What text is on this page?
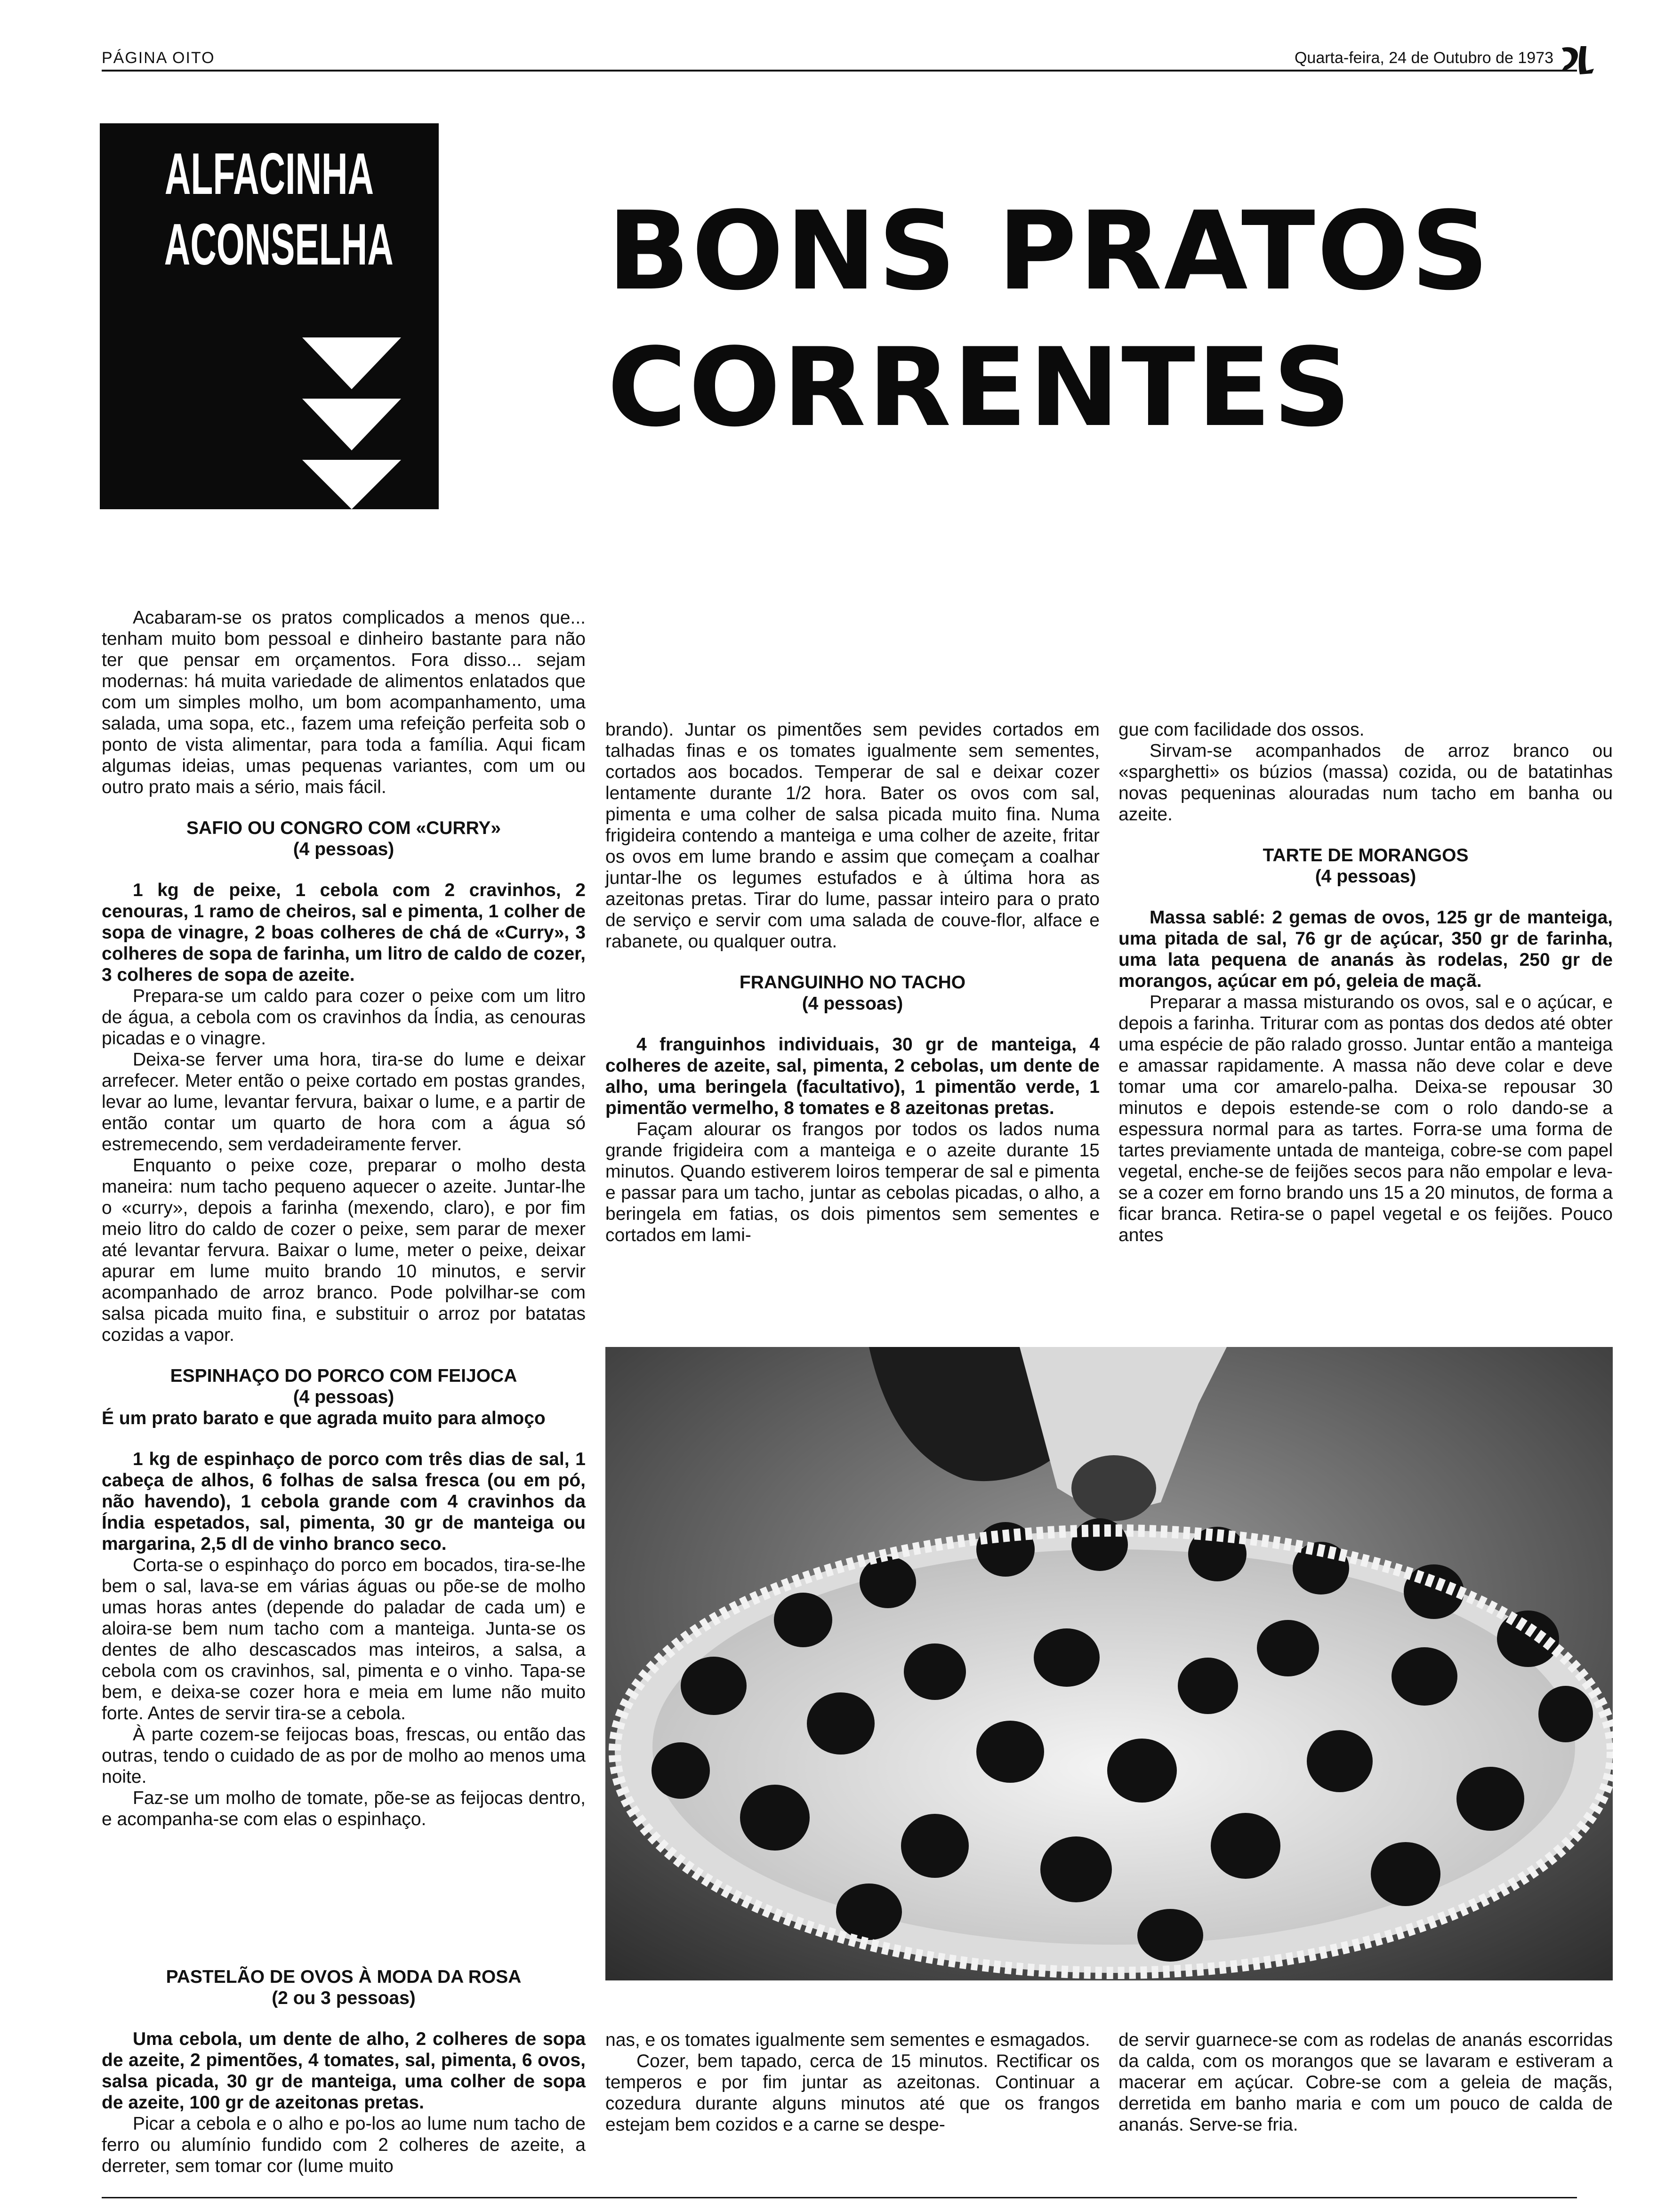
PÁGINA OITO	Quarta-feira, 24 de Outubro de 1973
ALFACINHA
ACONSELHA BONS PRATOS
CORRENTES

Acabaram-se os pratos complicados a menos que... tenham muito bom pessoal e dinheiro bastante para não ter que pensar em orçamentos. Fora disso... sejam modernas: há muita variedade de alimentos enlatados que com um simples molho, um bom acompanhamento, uma salada, uma sopa, etc., fazem uma refeição perfeita sob o ponto de vista alimentar, para toda a família. Aqui ficam algumas ideias, umas pequenas variantes, com um ou outro prato mais a sério, mais fácil.

SAFIO OU CONGRO COM «CURRY»

(4 pessoas)

1 kg de peixe, 1 cebola com 2 cravinhos, 2 cenouras, 1 ramo de cheiros, sal e pimenta, 1 colher de sopa de vinagre, 2 boas colheres de chá de «Curry», 3 colheres de sopa de farinha, um litro de caldo de cozer, 3 colheres de sopa de azeite.

Prepara-se um caldo para cozer o peixe com um litro de água, a cebola com os cravinhos da Índia, as cenouras picadas e o vinagre.

Deixa-se ferver uma hora, tira-se do lume e deixar arrefecer. Meter então o peixe cortado em postas grandes, levar ao lume, levantar fervura, baixar o lume, e a partir de então contar um quarto de hora com a água só estremecendo, sem verdadeiramente ferver.

Enquanto o peixe coze, preparar o molho desta maneira: num tacho pequeno aquecer o azeite. Juntar-lhe o «curry», depois a farinha (mexendo, claro), e por fim meio litro do caldo de cozer o peixe, sem parar de mexer até levantar fervura. Baixar o lume, meter o peixe, deixar apurar em lume muito brando 10 minutos, e servir acompanhado de arroz branco. Pode polvilhar-se com salsa picada muito fina, e substituir o arroz por batatas cozidas a vapor.

ESPINHAÇO DO PORCO COM FEIJOCA

(4 pessoas)

É um prato barato e que agrada muito para almoço

1 kg de espinhaço de porco com três dias de sal, 1 cabeça de alhos, 6 folhas de salsa fresca (ou em pó, não havendo), 1 cebola grande com 4 cravinhos da Índia espetados, sal, pimenta, 30 gr de manteiga ou margarina, 2,5 dl de vinho branco seco.

Corta-se o espinhaço do porco em bocados, tira-se-lhe bem o sal, lava-se em várias águas ou põe-se de molho umas horas antes (depende do paladar de cada um) e aloira-se bem num tacho com a manteiga. Junta-se os dentes de alho descascados mas inteiros, a salsa, a cebola com os cravinhos, sal, pimenta e o vinho. Tapa-se bem, e deixa-se cozer hora e meia em lume não muito forte. Antes de servir tira-se a cebola.

À parte cozem-se feijocas boas, frescas, ou então das outras, tendo o cuidado de as por de molho ao menos uma noite.

Faz-se um molho de tomate, põe-se as feijocas dentro, e acompanha-se com elas o espinhaço.

PASTELÃO DE OVOS À MODA DA ROSA

(2 ou 3 pessoas)

Uma cebola, um dente de alho, 2 colheres de sopa de azeite, 2 pimentões, 4 tomates, sal, pimenta, 6 ovos, salsa picada, 30 gr de manteiga, uma colher de sopa de azeite, 100 gr de azeitonas pretas.

Picar a cebola e o alho e po-los ao lume num tacho de ferro ou alumínio fundido com 2 colheres de azeite, a derreter, sem tomar cor (lume muito

brando). Juntar os pimentões sem pevides cortados em talhadas finas e os tomates igualmente sem sementes, cortados aos bocados. Temperar de sal e deixar cozer lentamente durante 1/2 hora. Bater os ovos com sal, pimenta e uma colher de salsa picada muito fina. Numa frigideira contendo a manteiga e uma colher de azeite, fritar os ovos em lume brando e assim que começam a coalhar juntar-lhe os legumes estufados e à última hora as azeitonas pretas. Tirar do lume, passar inteiro para o prato de serviço e servir com uma salada de couve-flor, alface e rabanete, ou qualquer outra.

FRANGUINHO NO TACHO

(4 pessoas)

4 franguinhos individuais, 30 gr de manteiga, 4 colheres de azeite, sal, pimenta, 2 cebolas, um dente de alho, uma beringela (facultativo), 1 pimentão verde, 1 pimentão vermelho, 8 tomates e 8 azeitonas pretas.

Façam alourar os frangos por todos os lados numa grande frigideira com a manteiga e o azeite durante 15 minutos. Quando estiverem loiros temperar de sal e pimenta e passar para um tacho, juntar as cebolas picadas, o alho, a beringela em fatias, os dois pimentos sem sementes e cortados em lami-

gue com facilidade dos ossos.

Sirvam-se acompanhados de arroz branco ou «sparghetti» os búzios (massa) cozida, ou de batatinhas novas pequeninas alouradas num tacho em banha ou azeite.

TARTE DE MORANGOS

(4 pessoas)

Massa sablé: 2 gemas de ovos, 125 gr de manteiga, uma pitada de sal, 76 gr de açúcar, 350 gr de farinha, uma lata pequena de ananás às rodelas, 250 gr de morangos, açúcar em pó, geleia de maçã.

Preparar a massa misturando os ovos, sal e o açúcar, e depois a farinha. Triturar com as pontas dos dedos até obter uma espécie de pão ralado grosso. Juntar então a manteiga e amassar rapidamente. A massa não deve colar e deve tomar uma cor amarelo-palha. Deixa-se repousar 30 minutos e depois estende-se com o rolo dando-se a espessura normal para as tartes. Forra-se uma forma de tartes previamente untada de manteiga, cobre-se com papel vegetal, enche-se de feijões secos para não empolar e leva-se a cozer em forno brando uns 15 a 20 minutos, de forma a ficar branca. Retira-se o papel vegetal e os feijões. Pouco antes

nas, e os tomates igualmente sem sementes e esmagados.

Cozer, bem tapado, cerca de 15 minutos. Rectificar os temperos e por fim juntar as azeitonas. Continuar a cozedura durante alguns minutos até que os frangos estejam bem cozidos e a carne se despe-

de servir guarnece-se com as rodelas de ananás escorridas da calda, com os morangos que se lavaram e estiveram a macerar em açúcar. Cobre-se com a geleia de maçãs, derretida em banho maria e com um pouco de calda de ananás. Serve-se fria.
